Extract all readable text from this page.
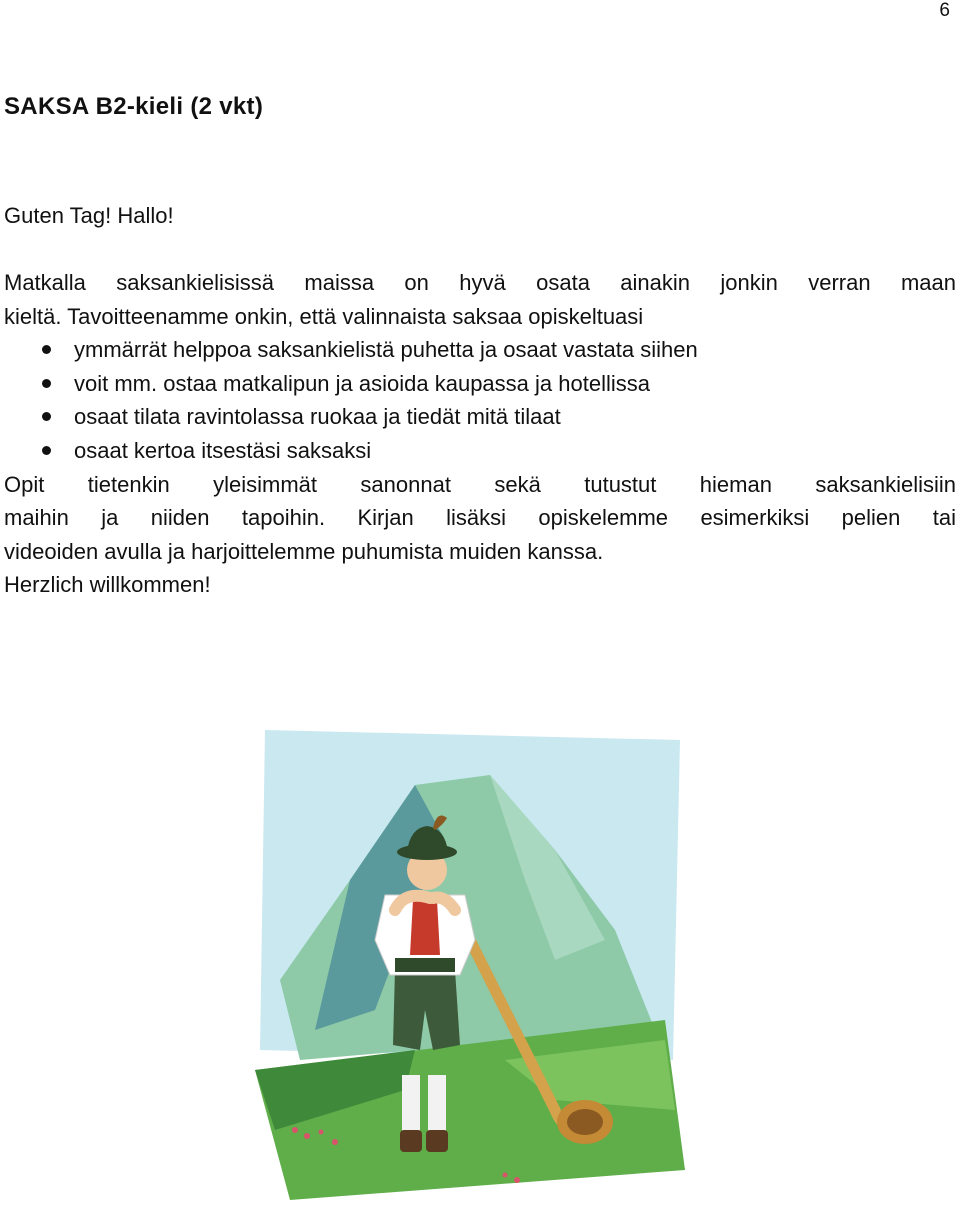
6
SAKSA B2-kieli (2 vkt)

Guten Tag! Hallo!

Matkalla saksankielisissä maissa on hyvä osata ainakin jonkin verran maan

kieltä. Tavoitteenamme onkin, että valinnaista saksaa opiskeltuasi

ymmärrät helppoa saksankielistä puhetta ja osaat vastata siihen
voit mm. ostaa matkalipun ja asioida kaupassa ja hotellissa
osaat tilata ravintolassa ruokaa ja tiedät mitä tilaat
osaat kertoa itsestäsi saksaksi

Opit tietenkin yleisimmät sanonnat sekä tutustut hieman saksankielisiin

maihin ja niiden tapoihin. Kirjan lisäksi opiskelemme esimerkiksi pelien tai

videoiden avulla ja harjoittelemme puhumista muiden kanssa.

Herzlich willkommen!
